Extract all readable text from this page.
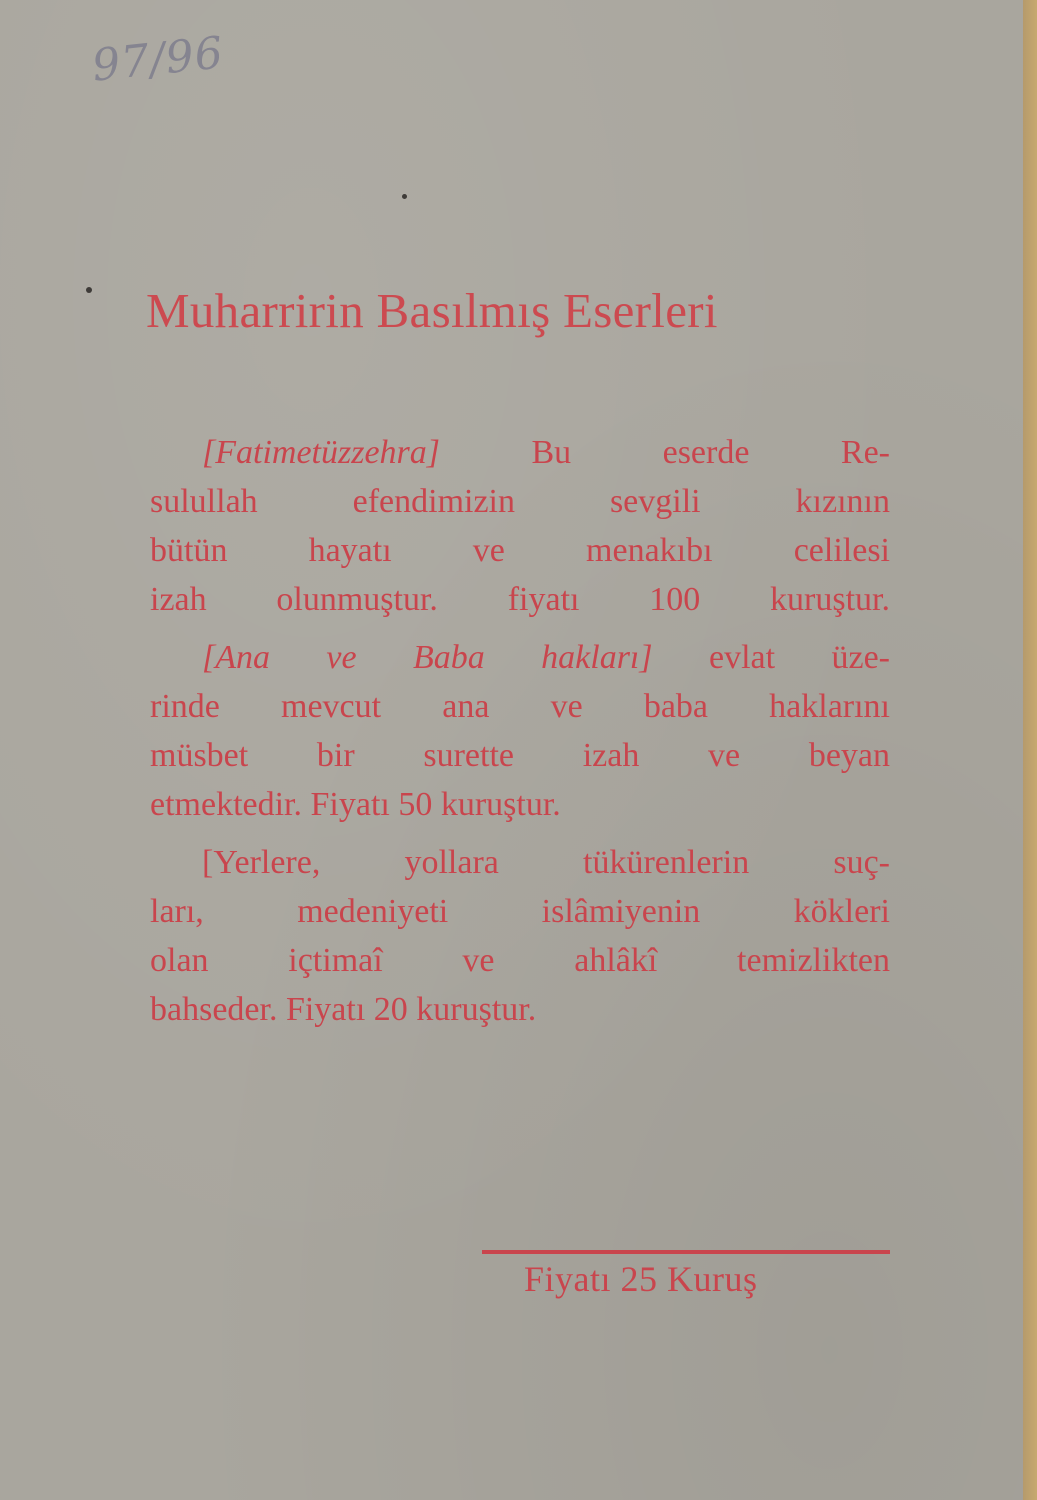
97/96
Muharririn Basılmış Eserleri
[Fatimetüzzehra]	Bu eserde Re-
sulullah efendimizin sevgili kızının
bütün hayatı ve menakıbı celilesi
izah olunmuştur. fiyatı 100 kuruştur.
[Ana ve Baba hakları] evlat üze-
rinde mevcut ana ve baba haklarını
müsbet bir surette izah ve beyan
etmektedir. Fiyatı 50 kuruştur.
[Yerlere, yollara tükürenlerin suç-
ları, medeniyeti islâmiyenin kökleri
olan içtimaî ve ahlâkî temizlikten
bahseder. Fiyatı 20 kuruştur.
Fiyatı 25 Kuruş
